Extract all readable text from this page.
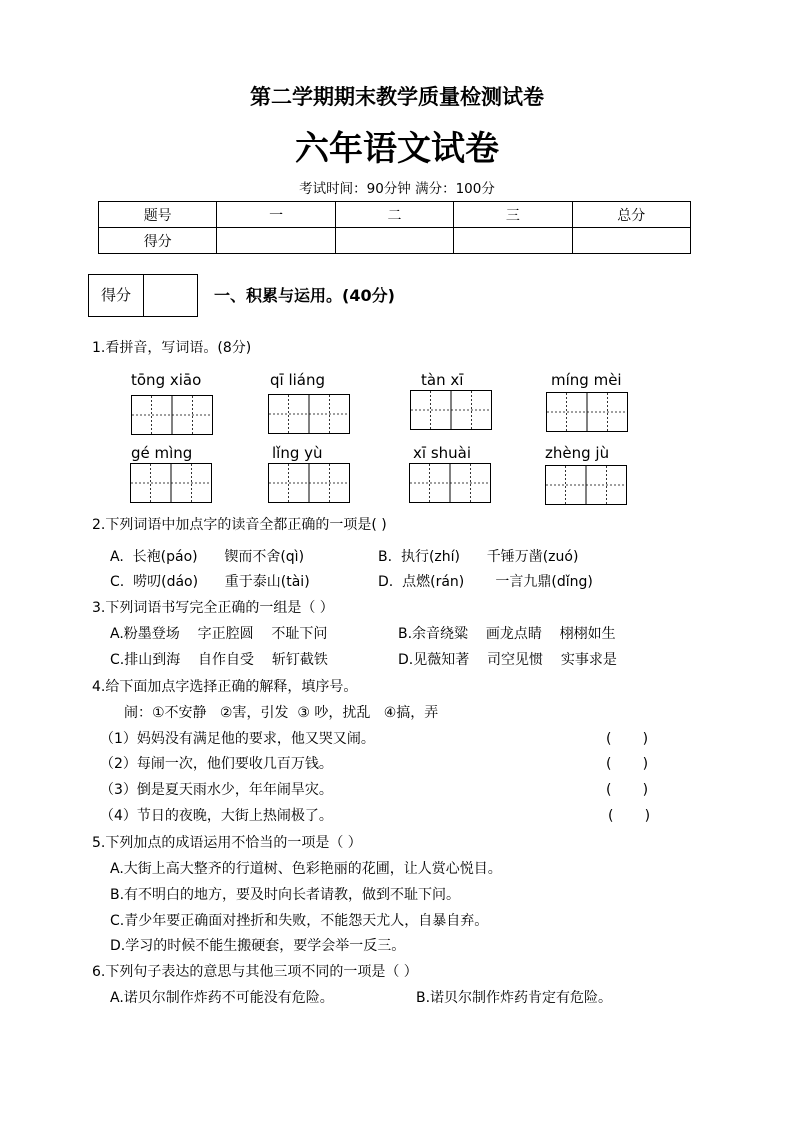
第二学期期末教学质量检测试卷
六年语文试卷
考试时间：90分钟 满分：100分
题号	一	二	三	总分
得分				
得分	一、积累与运用。(40分)
1.看拼音，写词语。(8分)
tōng xiāo	qī liáng	tàn xī	míng mèi
gé mìng	lǐng yù	xī shuài	zhèng jù
2.下列词语中加点字的读音全都正确的一项是( )
A.  长袍(páo)      锲而不舍(qì)	B.  执行(zhí)      千锤万凿(zuó)
C.  唠叨(dáo)      重于泰山(tài)	D.  点燃(rán)       一言九鼎(dǐng)
3.下列词语书写完全正确的一组是（ ）
A.粉墨登场    字正腔圆    不耻下问	B.余音绕粱    画龙点睛    栩栩如生
C.排山到海    自作自受    斩钉截铁	D.见薇知著    司空见惯    实事求是
4.给下面加点字选择正确的解释，填序号。
闹：①不安静   ②害，引发  ③ 吵，扰乱   ④搞，弄
（1）妈妈没有满足他的要求，他又哭又闹。	(       )
（2）每闹一次，他们要收几百万钱。	(       )
（3）倒是夏天雨水少，年年闹旱灾。	(       )
（4）节日的夜晚，大街上热闹极了。	(       )
5.下列加点的成语运用不恰当的一项是（ ）
A.大街上高大整齐的行道树、色彩艳丽的花圃，让人赏心悦目。
B.有不明白的地方，要及时向长者请教，做到不耻下问。
C.青少年要正确面对挫折和失败，不能怨天尤人，自暴自弃。
D.学习的时候不能生搬硬套，要学会举一反三。
6.下列句子表达的意思与其他三项不同的一项是（ ）
A.诺贝尔制作炸药不可能没有危险。	B.诺贝尔制作炸药肯定有危险。
